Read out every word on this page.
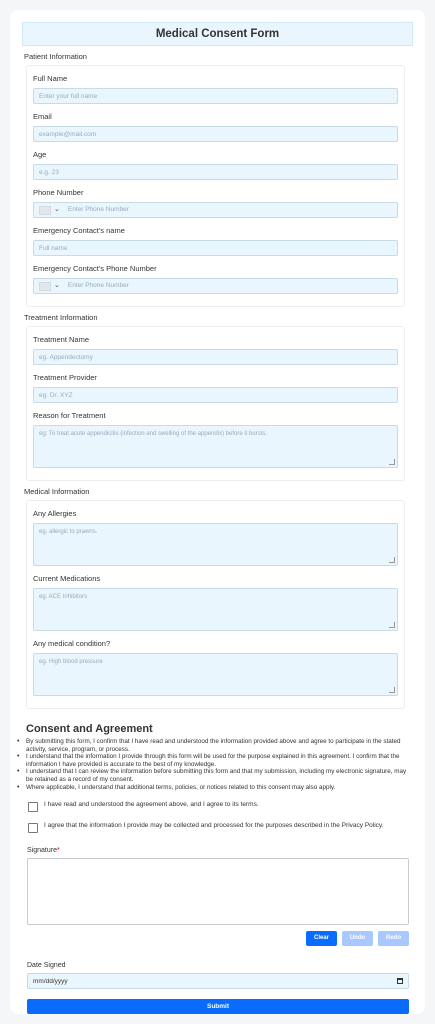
Medical Consent Form
Patient Information
Full Name
Enter your full name
Email
example@mail.com
Age
e.g. 23
Phone Number
⌄ Enter Phone Number
Emergency Contact's name
Full name
Emergency Contact's Phone Number
⌄ Enter Phone Number
Treatment Information
Treatment Name
eg. Appendectomy
Treatment Provider
eg. Dr. XYZ
Reason for Treatment
eg: To treat acute appendicitis (infection and swelling of the appendix) before it bursts.
Medical Information
Any Allergies
eg. allergic to prawns.
Current Medications
eg. ACE Inhibitors
Any medical condition?
eg. High blood pressure
Consent and Agreement
• By submitting this form, I confirm that I have read and understood the information provided above and agree to participate in the stated activity, service, program, or process.
• I understand that the information I provide through this form will be used for the purpose explained in this agreement. I confirm that the information I have provided is accurate to the best of my knowledge.
• I understand that I can review the information before submitting this form and that my submission, including my electronic signature, may be retained as a record of my consent.
• Where applicable, I understand that additional terms, policies, or notices related to this consent may also apply.
I have read and understood the agreement above, and I agree to its terms.
I agree that the information I provide may be collected and processed for the purposes described in the Privacy Policy.
Signature*
Clear	Undo	Redo
Date Signed
mm/dd/yyyy
Submit
